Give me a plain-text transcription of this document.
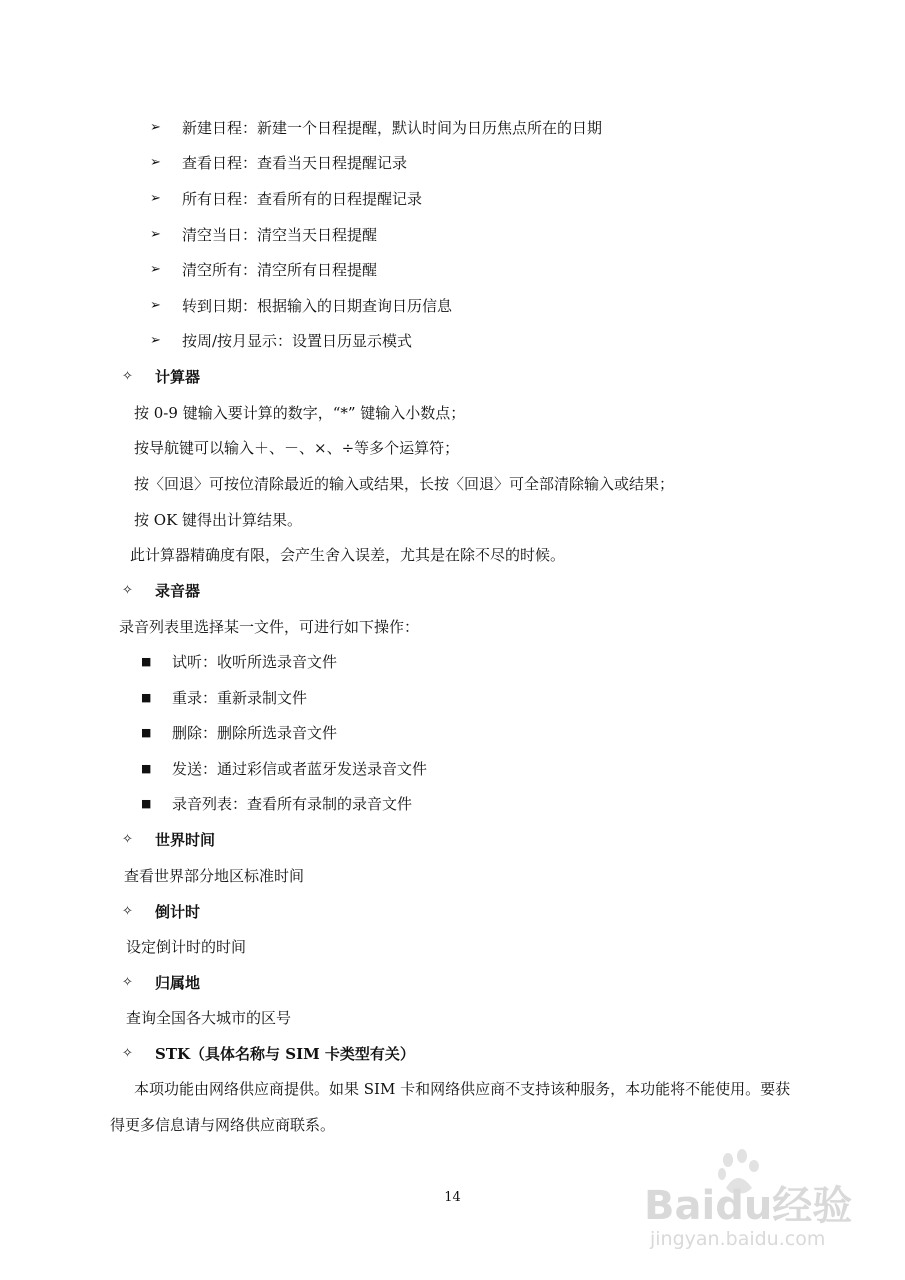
➢ 新建日程：新建一个日程提醒，默认时间为日历焦点所在的日期
➢ 查看日程：查看当天日程提醒记录
➢ 所有日程：查看所有的日程提醒记录
➢ 清空当日：清空当天日程提醒
➢ 清空所有：清空所有日程提醒
➢ 转到日期：根据输入的日期查询日历信息
➢ 按周/按月显示：设置日历显示模式
✧ 计算器
按 0-9 键输入要计算的数字，“*” 键输入小数点；
按导航键可以输入＋、－、×、÷等多个运算符；
按〈回退〉可按位清除最近的输入或结果，长按〈回退〉可全部清除输入或结果；
按 OK 键得出计算结果。
此计算器精确度有限，会产生舍入误差，尤其是在除不尽的时候。
✧ 录音器
录音列表里选择某一文件，可进行如下操作：
■ 试听：收听所选录音文件
■ 重录：重新录制文件
■ 删除：删除所选录音文件
■ 发送：通过彩信或者蓝牙发送录音文件
■ 录音列表：查看所有录制的录音文件
✧ 世界时间
查看世界部分地区标准时间
✧ 倒计时
设定倒计时的时间
✧ 归属地
查询全国各大城市的区号
✧ STK（具体名称与 SIM 卡类型有关）
本项功能由网络供应商提供。如果 SIM 卡和网络供应商不支持该种服务，本功能将不能使用。要获
得更多信息请与网络供应商联系。
14	Baidu经验
jingyan.baidu.com
